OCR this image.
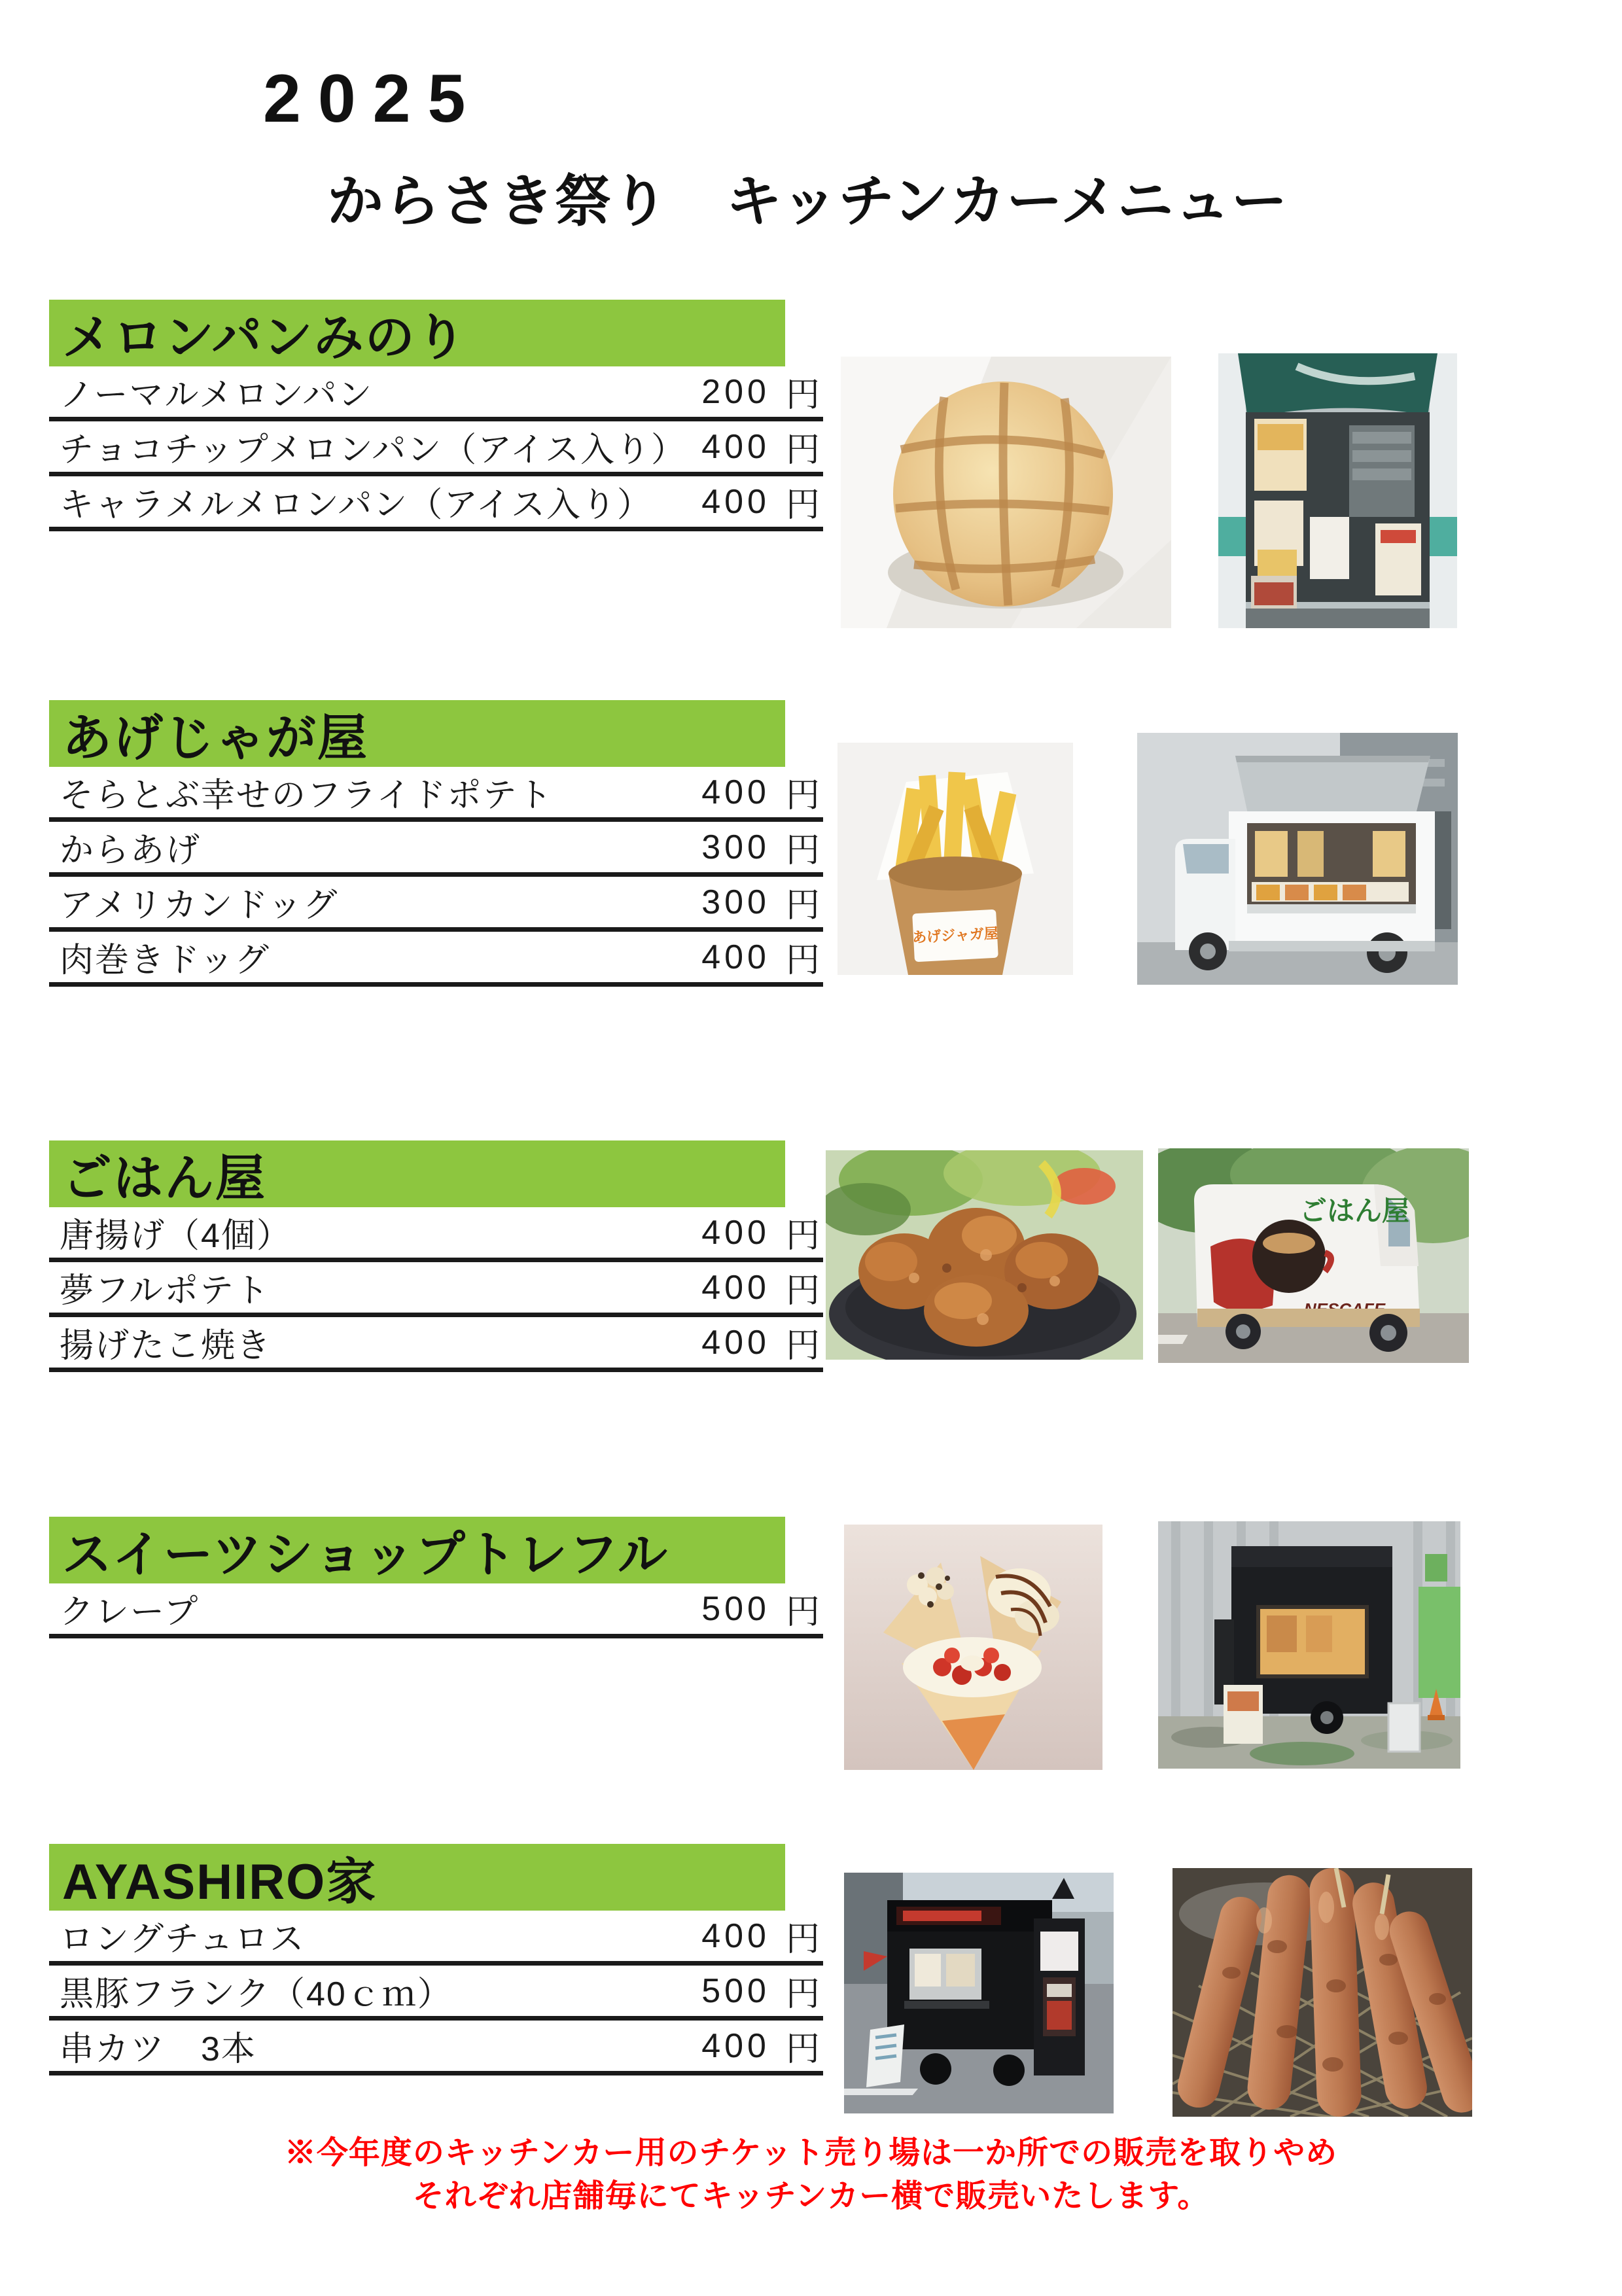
2025
からさき祭り　キッチンカーメニュー
メロンパンみのり
ノーマルメロンパン	200 円
チョコチップメロンパン（アイス入り） 400 円
キャラメルメロンパン（アイス入り） 400 円
あげじゃが屋
そらとぶ幸せのフライドポテト	400 円
からあげ	300 円
アメリカンドッグ	300 円
肉巻きドッグ	400 円
あげジャガ屋
ごはん屋
唐揚げ（4個）	400 円
夢フルポテト	400 円
揚げたこ焼き	400 円
ごはん屋
スイーツショップトレフル
クレープ	500 円
AYASHIRO家
ロングチュロス	400 円
黒豚フランク（40ｃｍ）	500 円
串カツ　3本	400 円
※今年度のキッチンカー用のチケット売り場は一か所での販売を取りやめ
それぞれ店舗毎にてキッチンカー横で販売いたします。
